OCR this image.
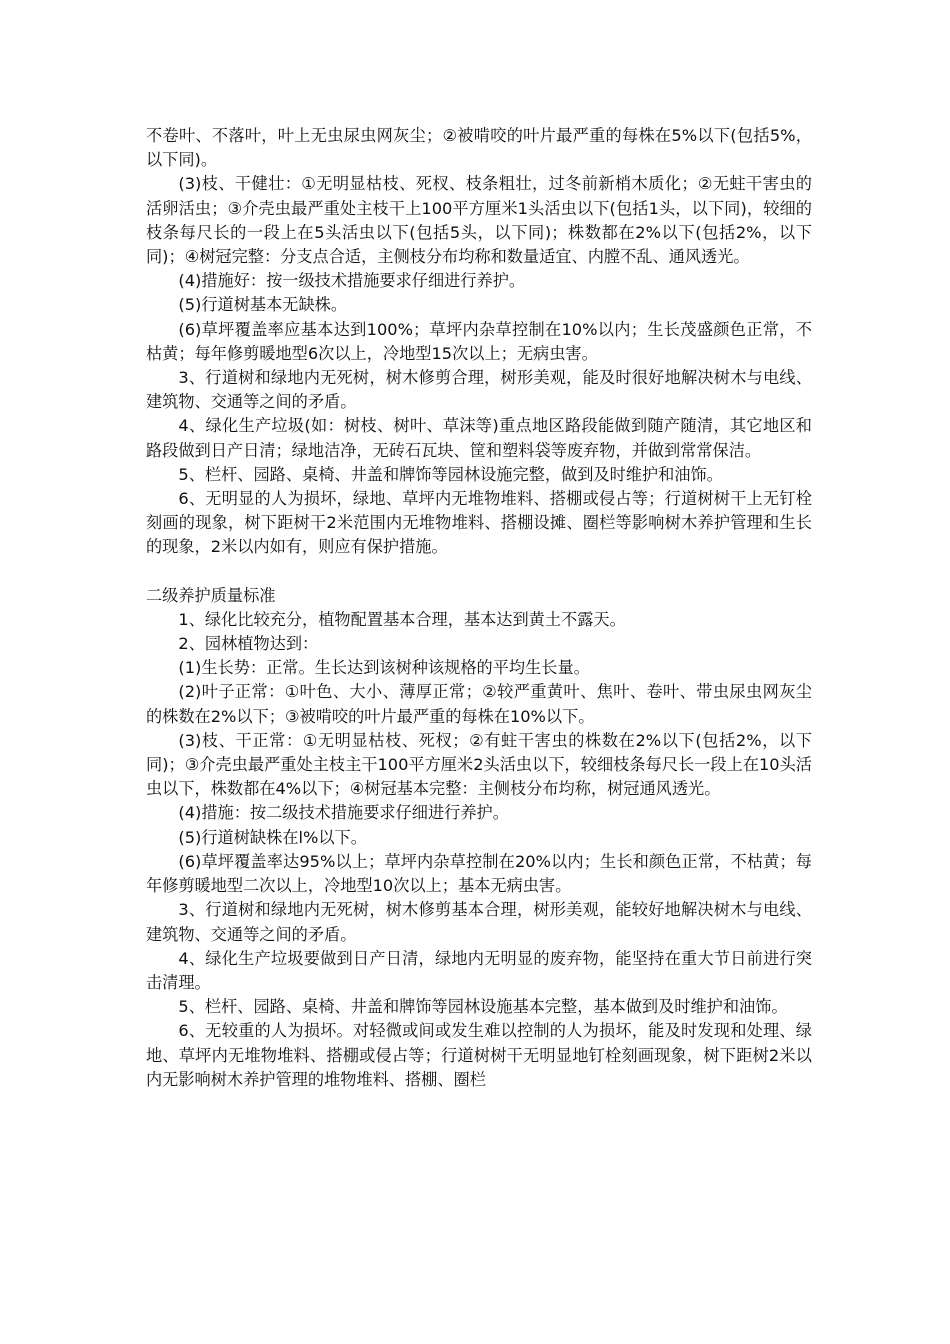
不卷叶、不落叶，叶上无虫尿虫网灰尘；②被啃咬的叶片最严重的每株在5%以下(包括5%，以下同)。

(3)枝、干健壮：①无明显枯枝、死杈、枝条粗壮，过冬前新梢木质化；②无蛀干害虫的活卵活虫；③介壳虫最严重处主枝干上100平方厘米1头活虫以下(包括1头，以下同)，较细的枝条每尺长的一段上在5头活虫以下(包括5头，以下同)；株数都在2%以下(包括2%，以下同)；④树冠完整：分支点合适，主侧枝分布均称和数量适宜、内膛不乱、通风透光。

(4)措施好：按一级技术措施要求仔细进行养护。

(5)行道树基本无缺株。

(6)草坪覆盖率应基本达到100%；草坪内杂草控制在10%以内；生长茂盛颜色正常，不枯黄；每年修剪暖地型6次以上，冷地型15次以上；无病虫害。

3、行道树和绿地内无死树，树木修剪合理，树形美观，能及时很好地解决树木与电线、建筑物、交通等之间的矛盾。

4、绿化生产垃圾(如：树枝、树叶、草沫等)重点地区路段能做到随产随清，其它地区和路段做到日产日清；绿地洁净，无砖石瓦块、筐和塑料袋等废弃物，并做到常常保洁。

5、栏杆、园路、桌椅、井盖和牌饰等园林设施完整，做到及时维护和油饰。

6、无明显的人为损坏，绿地、草坪内无堆物堆料、搭棚或侵占等；行道树树干上无钉栓刻画的现象，树下距树干2米范围内无堆物堆料、搭棚设摊、圈栏等影响树木养护管理和生长的现象，2米以内如有，则应有保护措施。

二级养护质量标准

1、绿化比较充分，植物配置基本合理，基本达到黄土不露天。

2、园林植物达到：

(1)生长势：正常。生长达到该树种该规格的平均生长量。

(2)叶子正常：①叶色、大小、薄厚正常；②较严重黄叶、焦叶、卷叶、带虫尿虫网灰尘的株数在2%以下；③被啃咬的叶片最严重的每株在10%以下。

(3)枝、干正常：①无明显枯枝、死杈；②有蛀干害虫的株数在2%以下(包括2%，以下同)；③介壳虫最严重处主枝主干100平方厘米2头活虫以下，较细枝条每尺长一段上在10头活虫以下，株数都在4%以下；④树冠基本完整：主侧枝分布均称，树冠通风透光。

(4)措施：按二级技术措施要求仔细进行养护。

(5)行道树缺株在l%以下。

(6)草坪覆盖率达95%以上；草坪内杂草控制在20%以内；生长和颜色正常，不枯黄；每年修剪暖地型二次以上，冷地型10次以上；基本无病虫害。

3、行道树和绿地内无死树，树木修剪基本合理，树形美观，能较好地解决树木与电线、建筑物、交通等之间的矛盾。

4、绿化生产垃圾要做到日产日清，绿地内无明显的废弃物，能坚持在重大节日前进行突击清理。

5、栏杆、园路、桌椅、井盖和牌饰等园林设施基本完整，基本做到及时维护和油饰。

6、无较重的人为损坏。对轻微或间或发生难以控制的人为损坏，能及时发现和处理、绿地、草坪内无堆物堆料、搭棚或侵占等；行道树树干无明显地钉栓刻画现象，树下距树2米以内无影响树木养护管理的堆物堆料、搭棚、圈栏
